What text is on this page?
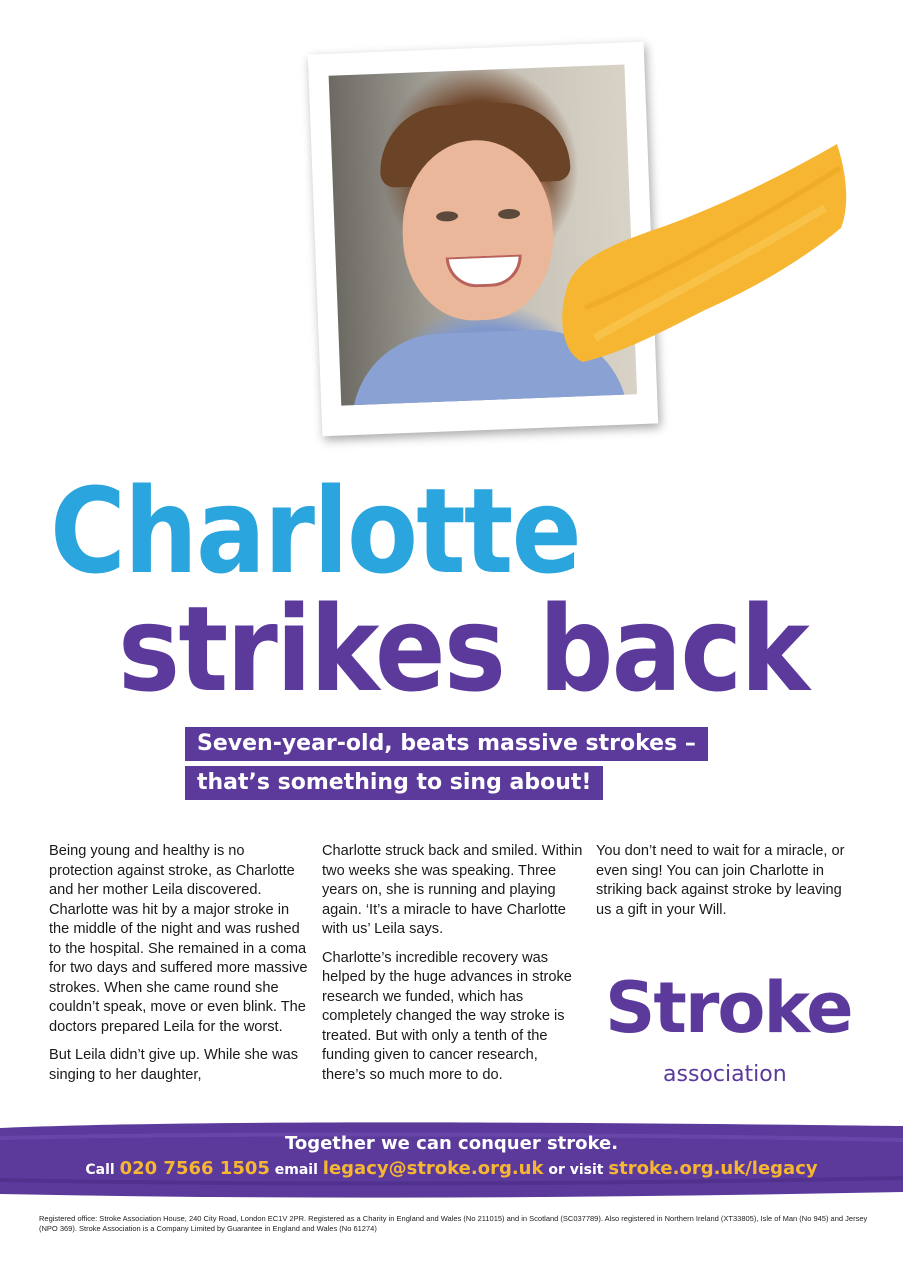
Charlotte
strikes back
Seven-year-old, beats massive strokes –
that’s something to sing about!

Being young and healthy is no protection against stroke, as Charlotte and her mother Leila discovered. Charlotte was hit by a major stroke in the middle of the night and was rushed to the hospital. She remained in a coma for two days and suffered more massive strokes. When she came round she couldn’t speak, move or even blink. The doctors prepared Leila for the worst.

But Leila didn’t give up. While she was singing to her daughter,

Charlotte struck back and smiled. Within two weeks she was speaking. Three years on, she is running and playing again. ‘It’s a miracle to have Charlotte with us’ Leila says.

Charlotte’s incredible recovery was helped by the huge advances in stroke research we funded, which has completely changed the way stroke is treated. But with only a tenth of the funding given to cancer research, there’s so much more to do.

You don’t need to wait for a miracle, or even sing! You can join Charlotte in striking back against stroke by leaving us a gift in your Will.

Stroke
association
Together we can conquer stroke.
Call 020 7566 1505 email legacy@stroke.org.uk or visit stroke.org.uk/legacy
Registered office: Stroke Association House, 240 City Road, London EC1V 2PR. Registered as a Charity in England and Wales (No 211015) and in Scotland (SC037789). Also registered in Northern Ireland (XT33805), Isle of Man (No 945) and Jersey (NPO 369). Stroke Association is a Company Limited by Guarantee in England and Wales (No 61274)
